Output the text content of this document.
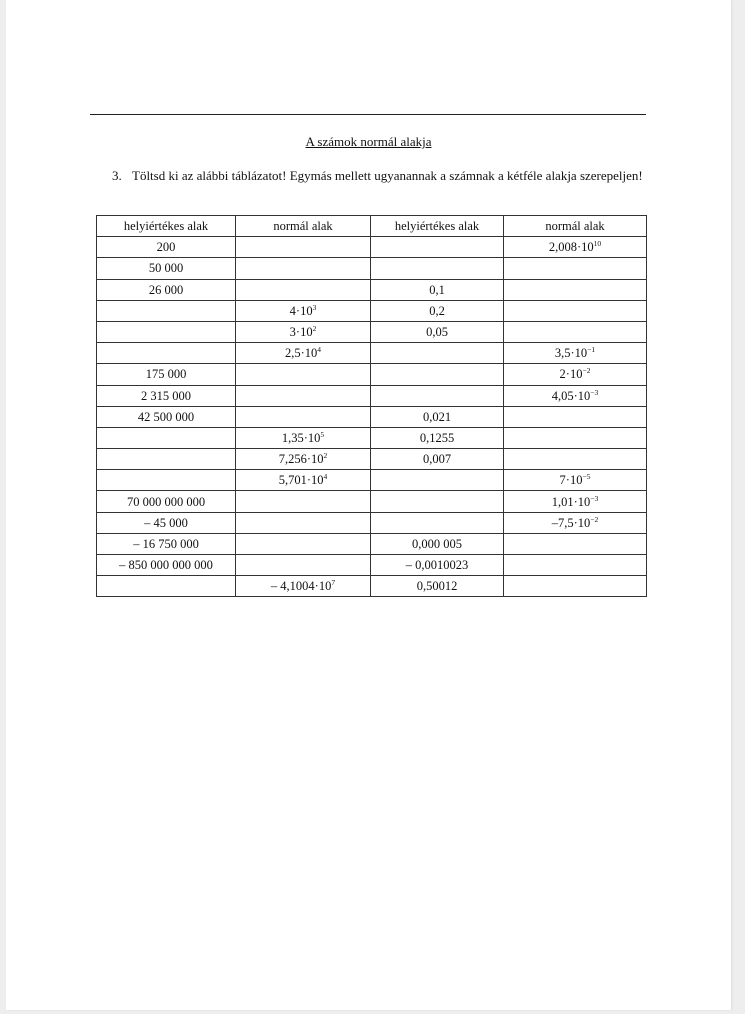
A számok normál alakja
3. Töltsd ki az alábbi táblázatot! Egymás mellett ugyanannak a számnak a kétféle alakja szerepeljen!
helyiértékes alak	normál alak	helyiértékes alak	normál alak
200			$2,008\cdot 10^{10}$
50 000			
26 000		0,1	
	$4\cdot 10^3$	0,2	
	$3\cdot 10^2$	0,05	
	$2,5\cdot 10^4$		$3,5\cdot 10^{-1}$
175 000			$2\cdot 10^{-2}$
2 315 000			$4,05\cdot 10^{-3}$
42 500 000		0,021	
	$1,35\cdot 10^5$	0,1255	
	$7,256\cdot 10^2$	0,007	
	$5,701\cdot 10^4$		$7\cdot 10^{-5}$
70 000 000 000			$1,01\cdot 10^{-3}$
– 45 000			$-7,5\cdot 10^{-2}$
– 16 750 000		0,000 005	
– 850 000 000 000		– 0,0010023	
	– $4,1004\cdot 10^7$	0,50012	
